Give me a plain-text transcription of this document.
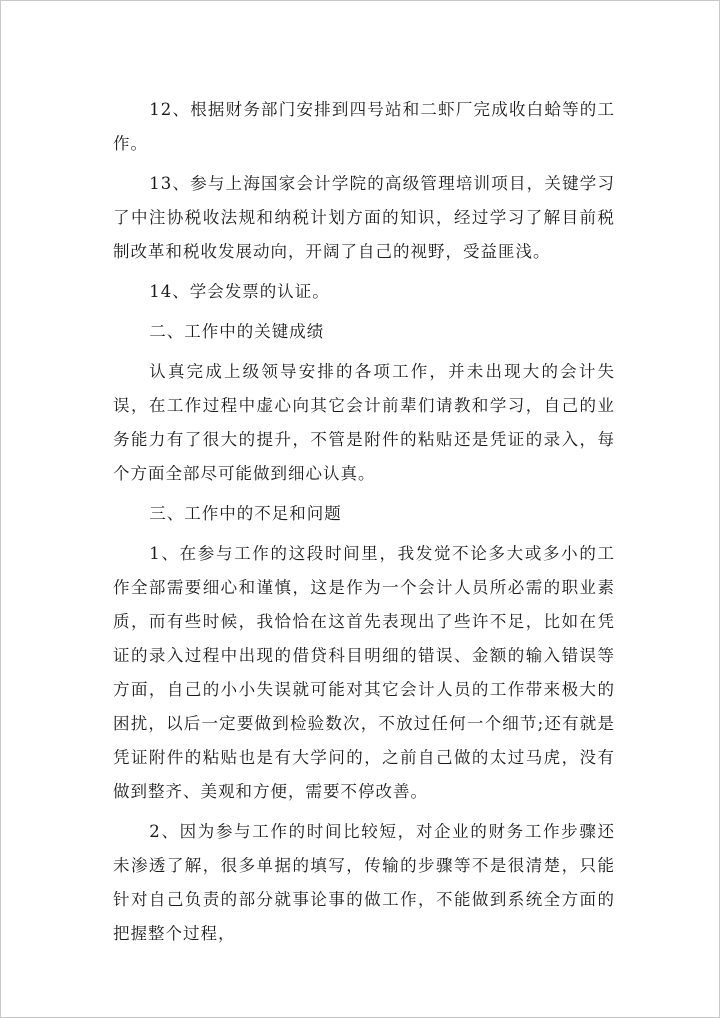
12、根据财务部门安排到四号站和二虾厂完成收白蛤等的工作。

13、参与上海国家会计学院的高级管理培训项目，关键学习了中注协税收法规和纳税计划方面的知识，经过学习了解目前税制改革和税收发展动向，开阔了自己的视野，受益匪浅。

14、学会发票的认证。

二、工作中的关键成绩

认真完成上级领导安排的各项工作，并未出现大的会计失误，在工作过程中虚心向其它会计前辈们请教和学习，自己的业务能力有了很大的提升，不管是附件的粘贴还是凭证的录入，每个方面全部尽可能做到细心认真。

三、工作中的不足和问题

1、在参与工作的这段时间里，我发觉不论多大或多小的工作全部需要细心和谨慎，这是作为一个会计人员所必需的职业素质，而有些时候，我恰恰在这首先表现出了些许不足，比如在凭证的录入过程中出现的借贷科目明细的错误、金额的输入错误等方面，自己的小小失误就可能对其它会计人员的工作带来极大的困扰，以后一定要做到检验数次，不放过任何一个细节;还有就是凭证附件的粘贴也是有大学问的，之前自己做的太过马虎，没有做到整齐、美观和方便，需要不停改善。

2、因为参与工作的时间比较短，对企业的财务工作步骤还未渗透了解，很多单据的填写，传输的步骤等不是很清楚，只能针对自己负责的部分就事论事的做工作，不能做到系统全方面的把握整个过程，
